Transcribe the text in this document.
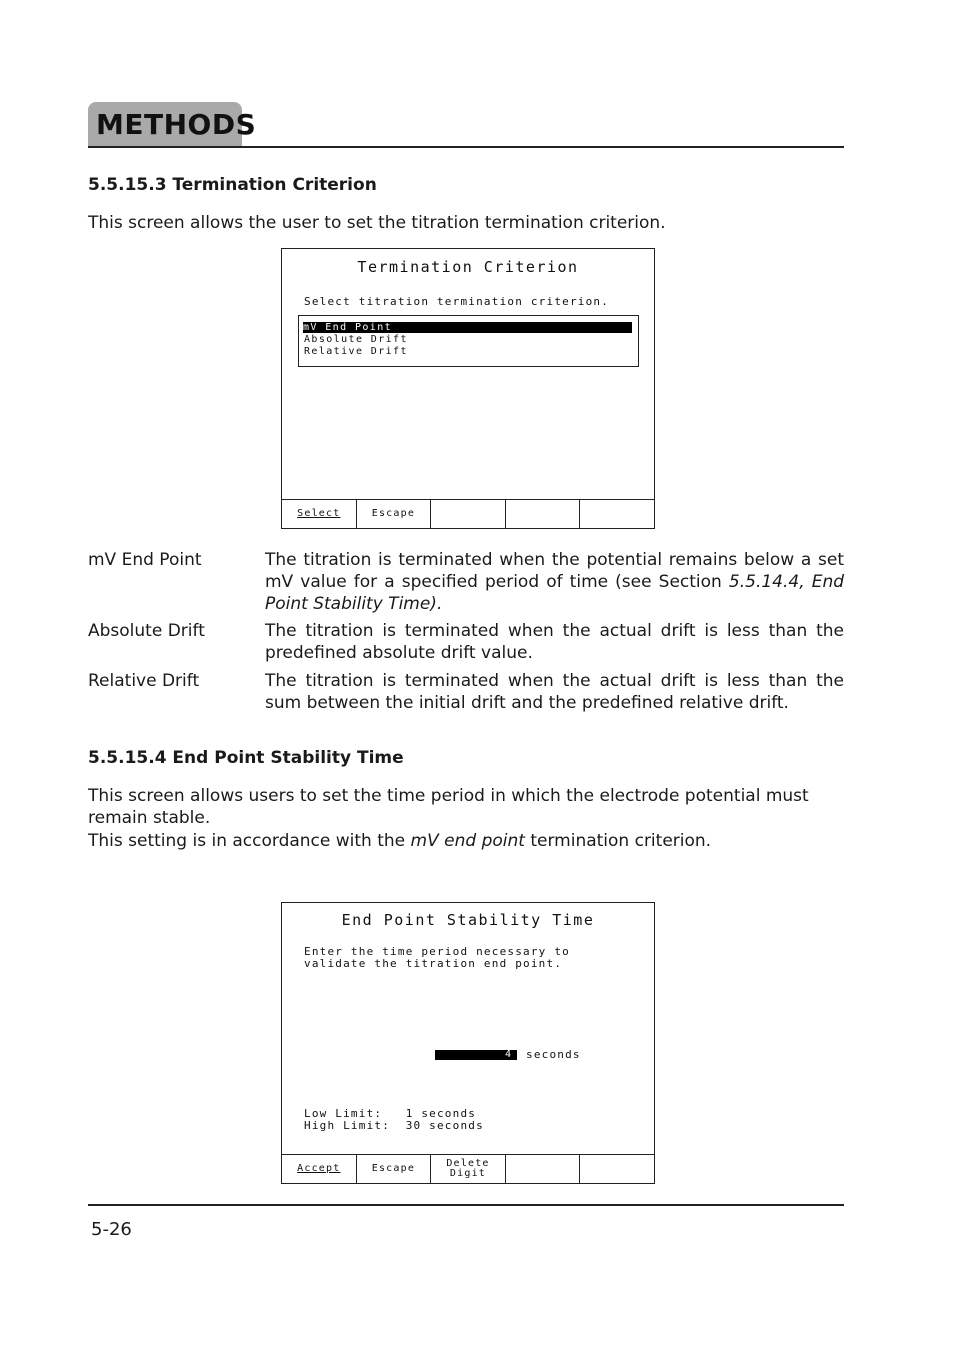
METHODS
5.5.15.3 Termination Criterion
This screen allows the user to set the titration termination criterion.
Termination Criterion
Select titration termination criterion.
mV End Point
Absolute Drift
Relative Drift
Select	Escape
mV End Point	The titration is terminated when the potential remains below a set mV value for a specified period of time (see Section 5.5.14.4, End Point Stability Time).
Absolute Drift	The titration is terminated when the actual drift is less than the predefined absolute drift value.
Relative Drift	The titration is terminated when the actual drift is less than the sum between the initial drift and the predefined relative drift.
5.5.15.4 End Point Stability Time
This screen allows users to set the time period in which the electrode potential must remain stable.
This setting is in accordance with the mV end point termination criterion.
End Point Stability Time
Enter the time period necessary to
validate the titration end point.
4	seconds
Low Limit:   1 seconds
High Limit:  30 seconds
Accept	Escape	Delete
Digit
5-26
